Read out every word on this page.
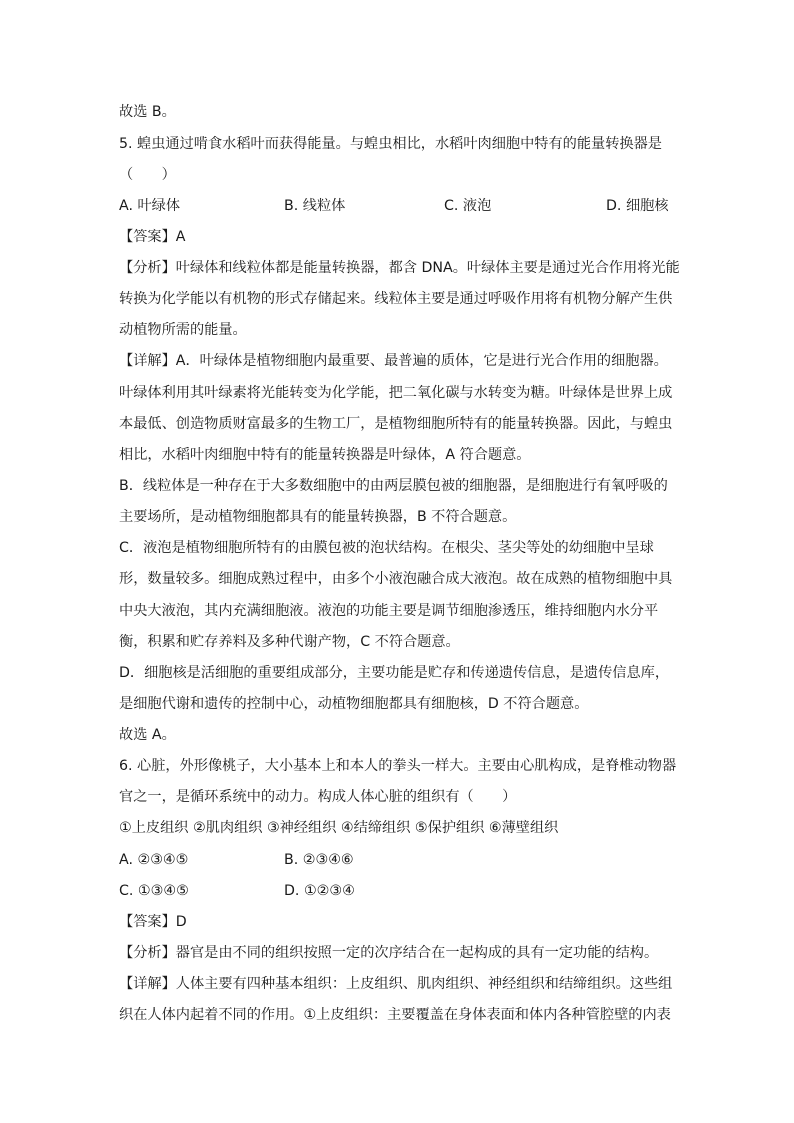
故选 B。
5. 蝗虫通过啃食水稻叶而获得能量。与蝗虫相比，水稻叶肉细胞中特有的能量转换器是
（　　）
A. 叶绿体	B. 线粒体	C. 液泡	D. 细胞核
【答案】A
【分析】叶绿体和线粒体都是能量转换器，都含 DNA。叶绿体主要是通过光合作用将光能
转换为化学能以有机物的形式存储起来。线粒体主要是通过呼吸作用将有机物分解产生供
动植物所需的能量。
【详解】A．叶绿体是植物细胞内最重要、最普遍的质体，它是进行光合作用的细胞器。
叶绿体利用其叶绿素将光能转变为化学能，把二氧化碳与水转变为糖。叶绿体是世界上成
本最低、创造物质财富最多的生物工厂，是植物细胞所特有的能量转换器。因此，与蝗虫
相比，水稻叶肉细胞中特有的能量转换器是叶绿体，A 符合题意。
B．线粒体是一种存在于大多数细胞中的由两层膜包被的细胞器，是细胞进行有氧呼吸的
主要场所，是动植物细胞都具有的能量转换器，B 不符合题意。
C．液泡是植物细胞所特有的由膜包被的泡状结构。在根尖、茎尖等处的幼细胞中呈球
形，数量较多。细胞成熟过程中，由多个小液泡融合成大液泡。故在成熟的植物细胞中具
中央大液泡，其内充满细胞液。液泡的功能主要是调节细胞渗透压，维持细胞内水分平
衡，积累和贮存养料及多种代谢产物，C 不符合题意。
D．细胞核是活细胞的重要组成部分，主要功能是贮存和传递遗传信息，是遗传信息库，
是细胞代谢和遗传的控制中心，动植物细胞都具有细胞核，D 不符合题意。
故选 A。
6. 心脏，外形像桃子，大小基本上和本人的拳头一样大。主要由心肌构成，是脊椎动物器
官之一，是循环系统中的动力。构成人体心脏的组织有（　　）
①上皮组织 ②肌肉组织 ③神经组织 ④结缔组织 ⑤保护组织 ⑥薄壁组织
A. ②③④⑤	B. ②③④⑥
C. ①③④⑤	D. ①②③④
【答案】D
【分析】器官是由不同的组织按照一定的次序结合在一起构成的具有一定功能的结构。
【详解】人体主要有四种基本组织：上皮组织、肌肉组织、神经组织和结缔组织。这些组
织在人体内起着不同的作用。①上皮组织：主要覆盖在身体表面和体内各种管腔壁的内表
